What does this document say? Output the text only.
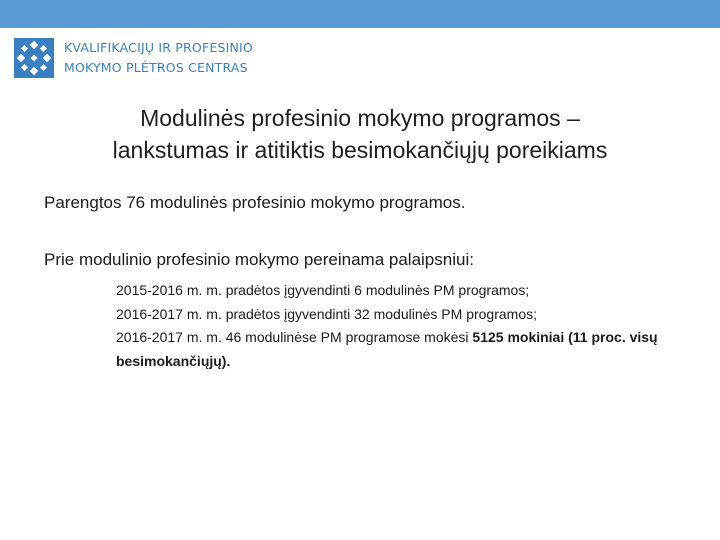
KVALIFIKACIJŲ IR PROFESINIO
MOKYMO PLĖTROS CENTRAS
Modulinės profesinio mokymo programos –
lankstumas ir atitiktis besimokančiųjų poreikiams
Parengtos 76 modulinės profesinio mokymo programos.
Prie modulinio profesinio mokymo pereinama palaipsniui:
2015-2016 m. m. pradėtos įgyvendinti 6 modulinės PM programos;
2016-2017 m. m. pradėtos įgyvendinti 32 modulinės PM programos;
2016-2017 m. m. 46 modulinėse PM programose mokėsi 5125 mokiniai (11 proc. visų besimokančiųjų).
